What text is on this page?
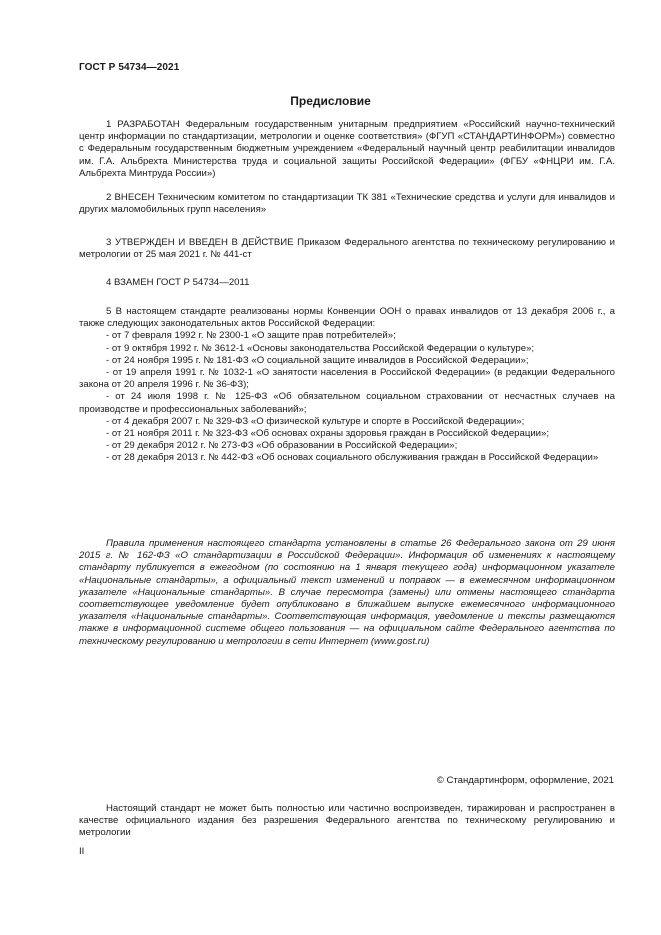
ГОСТ Р 54734—2021
Предисловие

1 РАЗРАБОТАН Федеральным государственным унитарным предприятием «Российский научно-технический центр информации по стандартизации, метрологии и оценке соответствия» (ФГУП «СТАНДАРТИНФОРМ») совместно с Федеральным государственным бюджетным учреждением «Федеральный научный центр реабилитации инвалидов им. Г.А. Альбрехта Министерства труда и социальной защиты Российской Федерации» (ФГБУ «ФНЦРИ им. Г.А. Альбрехта Минтруда России»)

2 ВНЕСЕН Техническим комитетом по стандартизации ТК 381 «Технические средства и услуги для инвалидов и других маломобильных групп населения»

3 УТВЕРЖДЕН И ВВЕДЕН В ДЕЙСТВИЕ Приказом Федерального агентства по техническому регулированию и метрологии от 25 мая 2021 г. № 441-ст

4 ВЗАМЕН ГОСТ Р 54734—2011

5 В настоящем стандарте реализованы нормы Конвенции ООН о правах инвалидов от 13 декабря 2006 г., а также следующих законодательных актов Российской Федерации:

- от 7 февраля 1992 г. № 2300-1 «О защите прав потребителей»;

- от 9 октября 1992 г. № 3612-1 «Основы законодательства Российской Федерации о культуре»;

- от 24 ноября 1995 г. № 181-ФЗ «О социальной защите инвалидов в Российской Федерации»;

- от 19 апреля 1991 г. № 1032-1 «О занятости населения в Российской Федерации» (в редакции Федерального закона от 20 апреля 1996 г. № 36-ФЗ);

- от 24 июля 1998 г. № 125-ФЗ «Об обязательном социальном страховании от несчастных случаев на производстве и профессиональных заболеваний»;

- от 4 декабря 2007 г. № 329-ФЗ «О физической культуре и спорте в Российской Федерации»;

- от 21 ноября 2011 г. № 323-ФЗ «Об основах охраны здоровья граждан в Российской Федерации»;

- от 29 декабря 2012 г. № 273-ФЗ «Об образовании в Российской Федерации»;

- от 28 декабря 2013 г. № 442-ФЗ «Об основах социального обслуживания граждан в Российской Федерации»

Правила применения настоящего стандарта установлены в статье 26 Федерального закона от 29 июня 2015 г. № 162-ФЗ «О стандартизации в Российской Федерации». Информация об изменениях к настоящему стандарту публикуется в ежегодном (по состоянию на 1 января текущего года) информационном указателе «Национальные стандарты», а официальный текст изменений и поправок — в ежемесячном информационном указателе «Национальные стандарты». В случае пересмотра (замены) или отмены настоящего стандарта соответствующее уведомление будет опубликовано в ближайшем выпуске ежемесячного информационного указателя «Национальные стандарты». Соответствующая информация, уведомление и тексты размещаются также в информационной системе общего пользования — на официальном сайте Федерального агентства по техническому регулированию и метрологии в сети Интернет (www.gost.ru)

© Стандартинформ, оформление, 2021

Настоящий стандарт не может быть полностью или частично воспроизведен, тиражирован и распространен в качестве официального издания без разрешения Федерального агентства по техническому регулированию и метрологии

II
